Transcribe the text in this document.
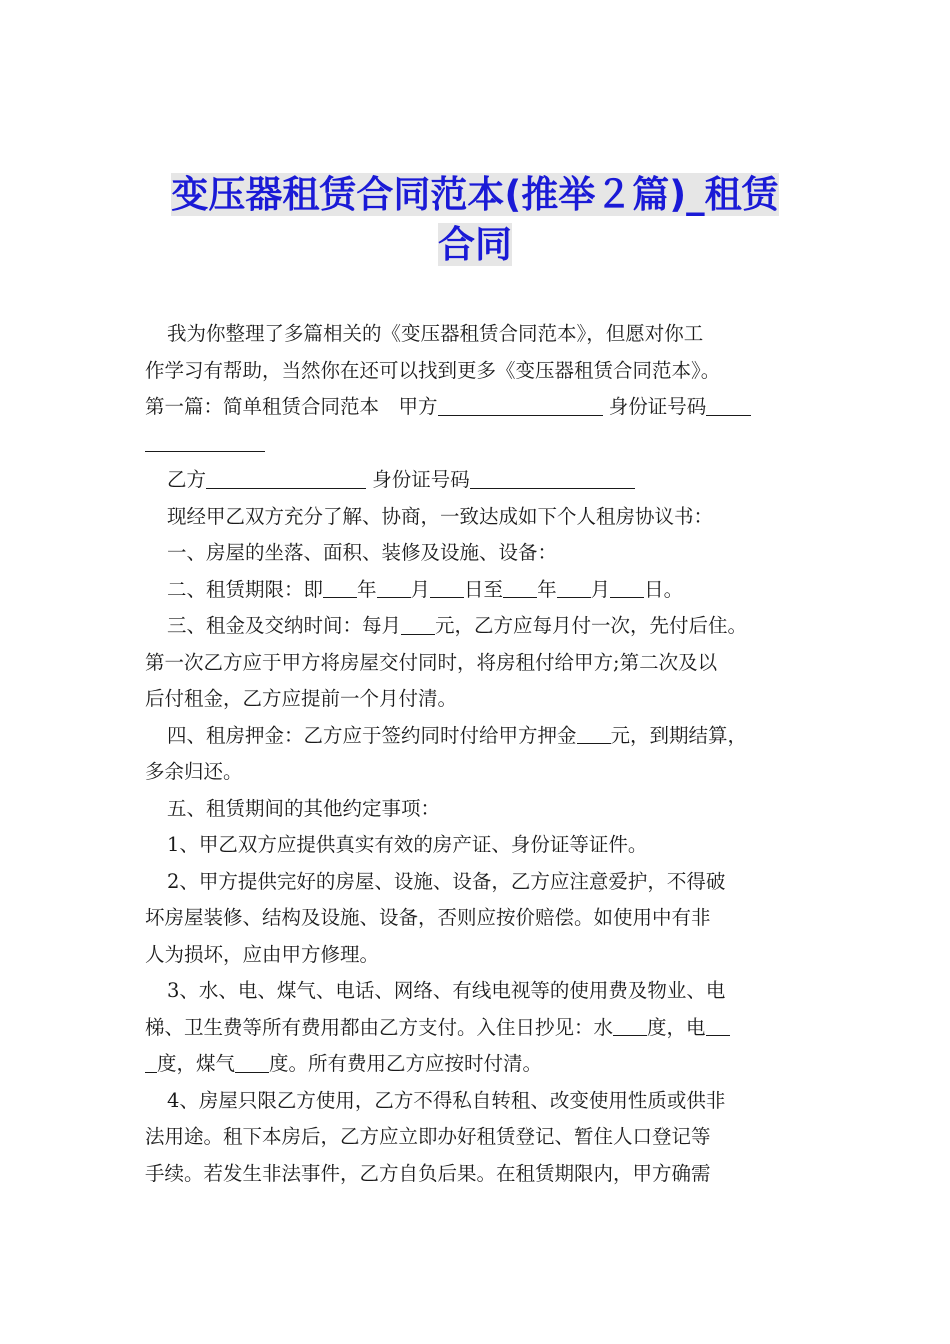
变压器租赁合同范本(推举２篇)_租赁
合同

我为你整理了多篇相关的《变压器租赁合同范本》，但愿对你工

作学习有帮助，当然你在还可以找到更多《变压器租赁合同范本》。

第一篇：简单租赁合同范本　甲方	身份证号码

乙方	身份证号码

现经甲乙双方充分了解、协商，一致达成如下个人租房协议书：

一、房屋的坐落、面积、装修及设施、设备：

二、租赁期限：即 年 月 日至 年 月 日。

三、租金及交纳时间：每月 元，乙方应每月付一次，先付后住。

第一次乙方应于甲方将房屋交付同时，将房租付给甲方;第二次及以

后付租金，乙方应提前一个月付清。

四、租房押金：乙方应于签约同时付给甲方押金 元，到期结算，

多余归还。

五、租赁期间的其他约定事项：

1、甲乙双方应提供真实有效的房产证、身份证等证件。

2、甲方提供完好的房屋、设施、设备，乙方应注意爱护，不得破

坏房屋装修、结构及设施、设备，否则应按价赔偿。如使用中有非

人为损坏，应由甲方修理。

3、水、电、煤气、电话、网络、有线电视等的使用费及物业、电

梯、卫生费等所有费用都由乙方支付。入住日抄见：水 度，电

度，煤气 度。所有费用乙方应按时付清。

4、房屋只限乙方使用，乙方不得私自转租、改变使用性质或供非

法用途。租下本房后，乙方应立即办好租赁登记、暂住人口登记等

手续。若发生非法事件，乙方自负后果。在租赁期限内，甲方确需
